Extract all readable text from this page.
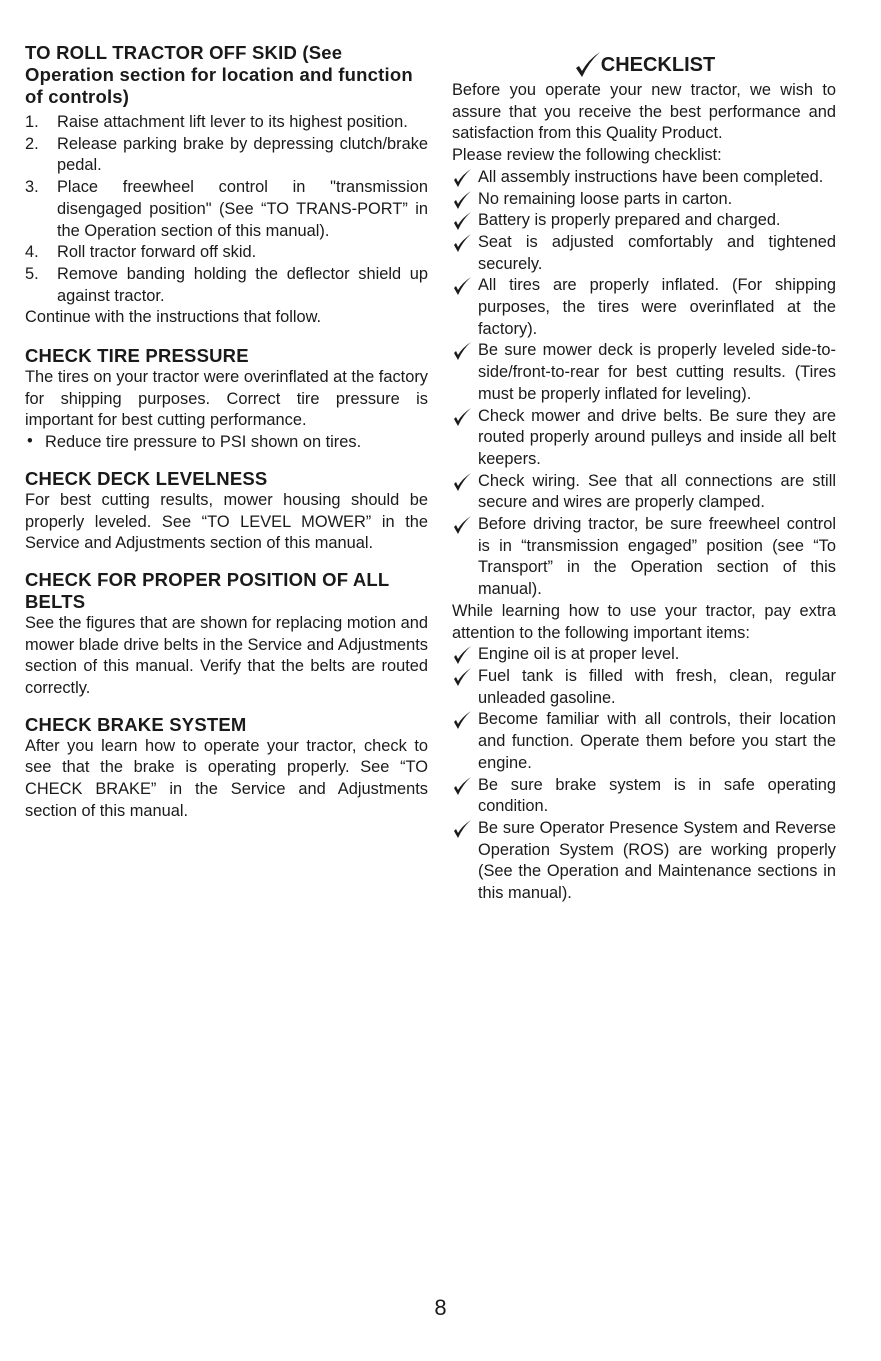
TO ROLL TRACTOR OFF SKID (See Operation section for location and function of controls)
1. Raise attachment lift lever to its highest position.
2. Release parking brake by depressing clutch/brake pedal.
3. Place freewheel control in "transmission disengaged position" (See “TO TRANS-PORT” in the Operation section of this manual).
4. Roll tractor forward off skid.
5. Remove banding holding the deflector shield up against tractor.

Continue with the instructions that follow.

CHECK TIRE PRESSURE

The tires on your tractor were overinflated at the factory for shipping purposes. Correct tire pressure is important for best cutting performance.

• Reduce tire pressure to PSI shown on tires.
CHECK DECK LEVELNESS

For best cutting results, mower housing should be properly leveled. See “TO LEVEL MOWER” in the Service and Adjustments section of this manual.

CHECK FOR PROPER POSITION OF ALL BELTS

See the figures that are shown for replacing motion and mower blade drive belts in the Service and Adjustments section of this manual. Verify that the belts are routed correctly.

CHECK BRAKE SYSTEM

After you learn how to operate your tractor, check to see that the brake is operating properly. See “TO CHECK BRAKE” in the Service and Adjustments section of this manual.

CHECKLIST

Before you operate your new tractor, we wish to assure that you receive the best performance and satisfaction from this Quality Product.

Please review the following checklist:

All assembly instructions have been completed.
No remaining loose parts in carton.
Battery is properly prepared and charged.
Seat is adjusted comfortably and tightened securely.
All tires are properly inflated. (For shipping purposes, the tires were overinflated at the factory).
Be sure mower deck is properly leveled side-to-side/front-to-rear for best cutting results. (Tires must be properly inflated for leveling).
Check mower and drive belts. Be sure they are routed properly around pulleys and inside all belt keepers.
Check wiring. See that all connections are still secure and wires are properly clamped.
Before driving tractor, be sure freewheel control is in “transmission engaged” position (see “To Transport” in the Operation section of this manual).

While learning how to use your tractor, pay extra attention to the following important items:

Engine oil is at proper level.
Fuel tank is filled with fresh, clean, regular unleaded gasoline.
Become familiar with all controls, their location and function. Operate them before you start the engine.
Be sure brake system is in safe operating condition.
Be sure Operator Presence System and Reverse Operation System (ROS) are working properly (See the Operation and Maintenance sections in this manual).
8
